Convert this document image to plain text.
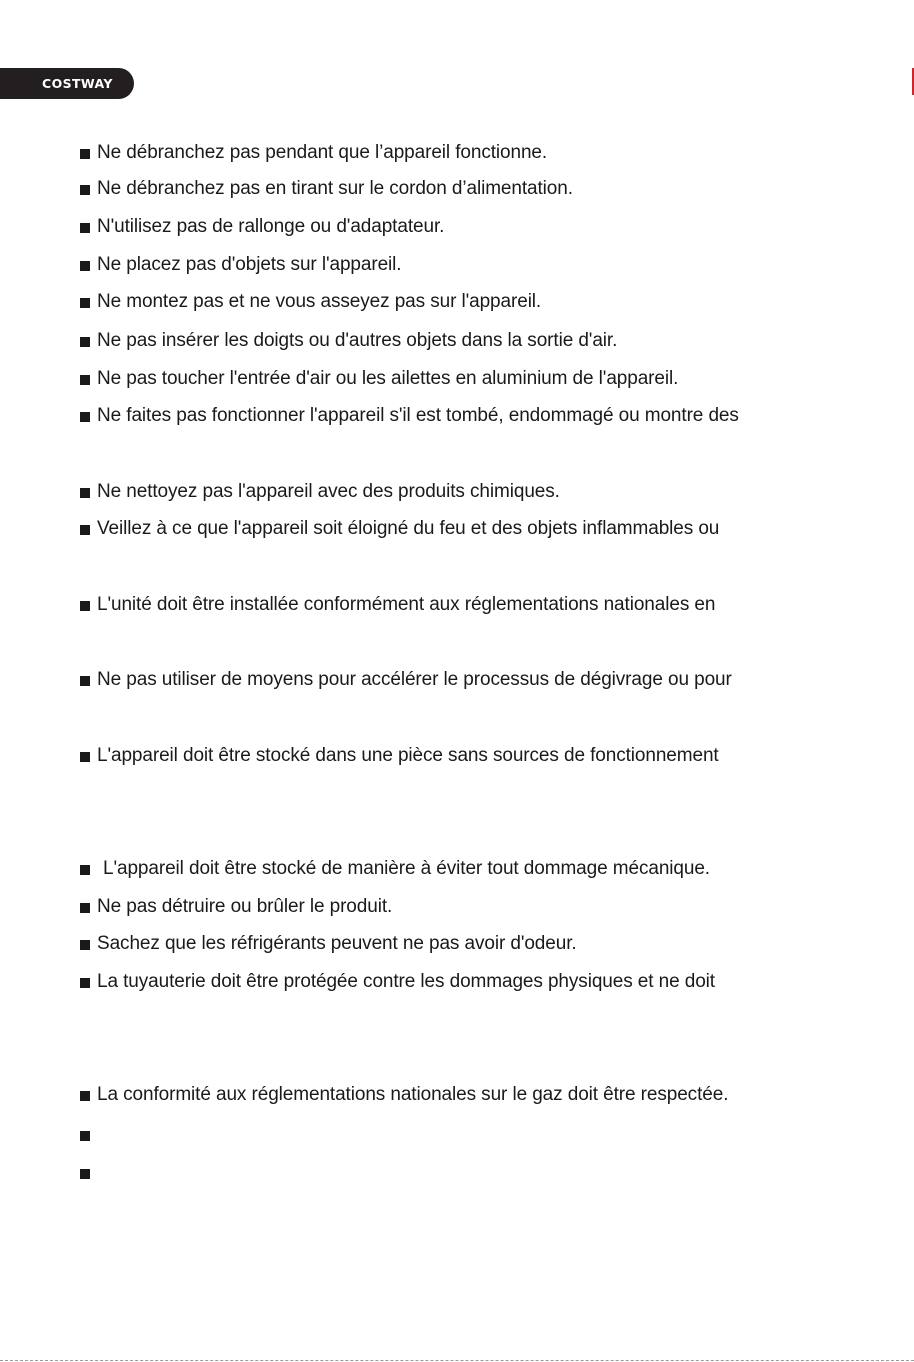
COSTWAY
Ne débranchez pas pendant que l’appareil fonctionne.
Ne débranchez pas en tirant sur le cordon d’alimentation.
N'utilisez pas de rallonge ou d'adaptateur.
Ne placez pas d'objets sur l'appareil.
Ne montez pas et ne vous asseyez pas sur l'appareil.
Ne pas insérer les doigts ou d'autres objets dans la sortie d'air.
Ne pas toucher l'entrée d'air ou les ailettes en aluminium de l'appareil.
Ne faites pas fonctionner l'appareil s'il est tombé, endommagé ou montre des
Ne nettoyez pas l'appareil avec des produits chimiques.
Veillez à ce que l'appareil soit éloigné du feu et des objets inflammables ou
L'unité doit être installée conformément aux réglementations nationales en
Ne pas utiliser de moyens pour accélérer le processus de dégivrage ou pour
L'appareil doit être stocké dans une pièce sans sources de fonctionnement
L'appareil doit être stocké de manière à éviter tout dommage mécanique.
Ne pas détruire ou brûler le produit.
Sachez que les réfrigérants peuvent ne pas avoir d'odeur.
La tuyauterie doit être protégée contre les dommages physiques et ne doit
La conformité aux réglementations nationales sur le gaz doit être respectée.
